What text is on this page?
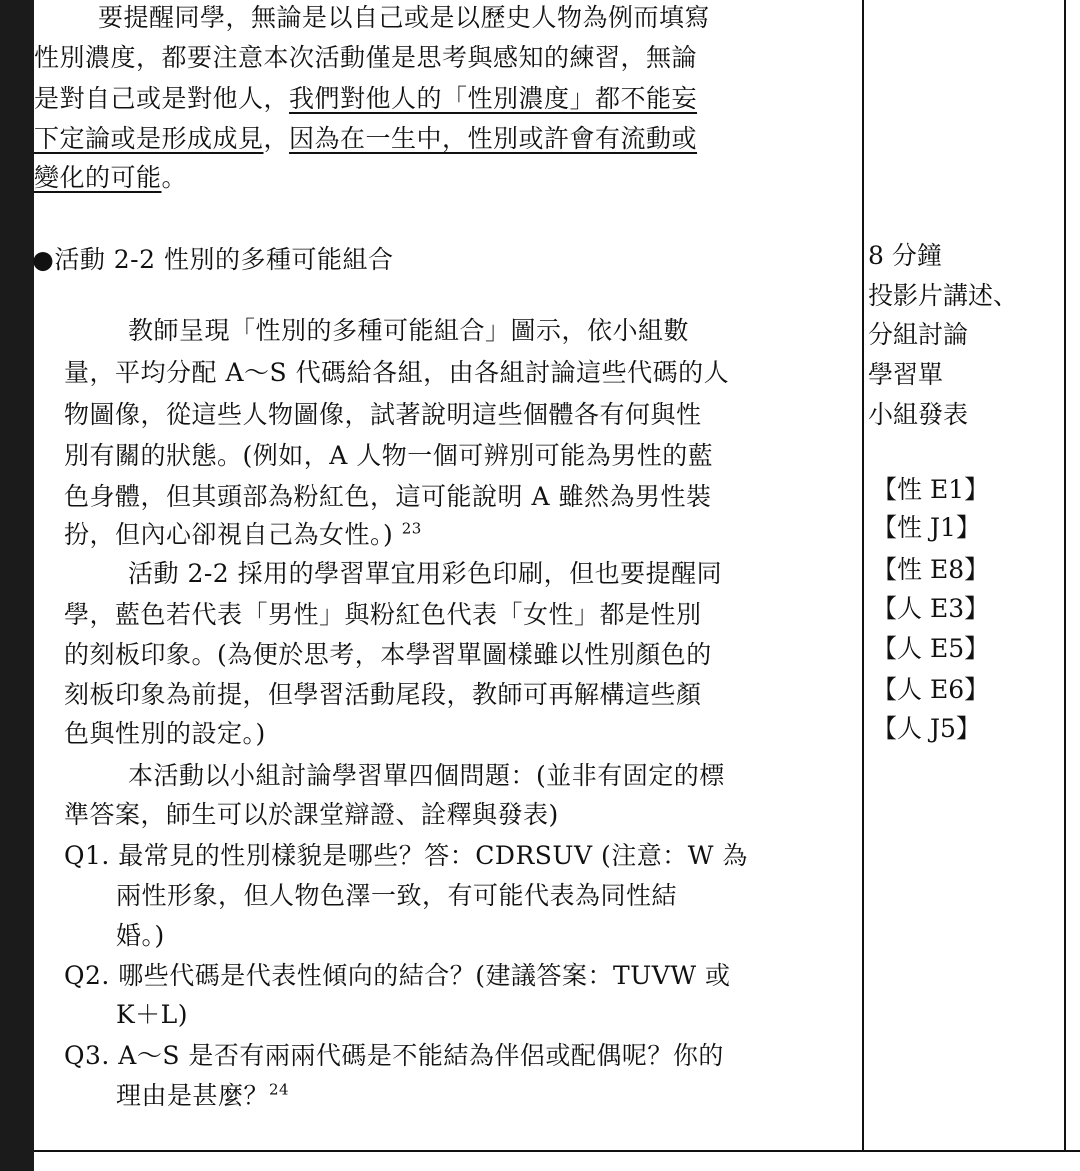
要提醒同學，無論是以自己或是以歷史人物為例而填寫
性別濃度，都要注意本次活動僅是思考與感知的練習，無論
是對自己或是對他人，我們對他人的「性別濃度」都不能妄
下定論或是形成成見，因為在一生中，性別或許會有流動或
變化的可能。
●活動 2-2 性別的多種可能組合
教師呈現「性別的多種可能組合」圖示，依小組數
量，平均分配 A～S 代碼給各組，由各組討論這些代碼的人
物圖像，從這些人物圖像，試著說明這些個體各有何與性
別有關的狀態。(例如，A 人物一個可辨別可能為男性的藍
色身體，但其頭部為粉紅色，這可能說明 A 雖然為男性裝
扮，但內心卻視自己為女性。) $^{23}$
活動 2-2 採用的學習單宜用彩色印刷，但也要提醒同
學，藍色若代表「男性」與粉紅色代表「女性」都是性別
的刻板印象。(為便於思考，本學習單圖樣雖以性別顏色的
刻板印象為前提，但學習活動尾段，教師可再解構這些顏
色與性別的設定。)
本活動以小組討論學習單四個問題：(並非有固定的標
準答案，師生可以於課堂辯證、詮釋與發表)
Q1. 最常見的性別樣貌是哪些？答：CDRSUV (注意：W 為
兩性形象，但人物色澤一致，有可能代表為同性結
婚。)
Q2. 哪些代碼是代表性傾向的結合？(建議答案：TUVW 或
K＋L)
Q3. A～S 是否有兩兩代碼是不能結為伴侶或配偶呢？你的
理由是甚麼？$^{24}$
8 分鐘
投影片講述、
分組討論
學習單
小組發表
【性 E1】
【性 J1】
【性 E8】
【人 E3】
【人 E5】
【人 E6】
【人 J5】
